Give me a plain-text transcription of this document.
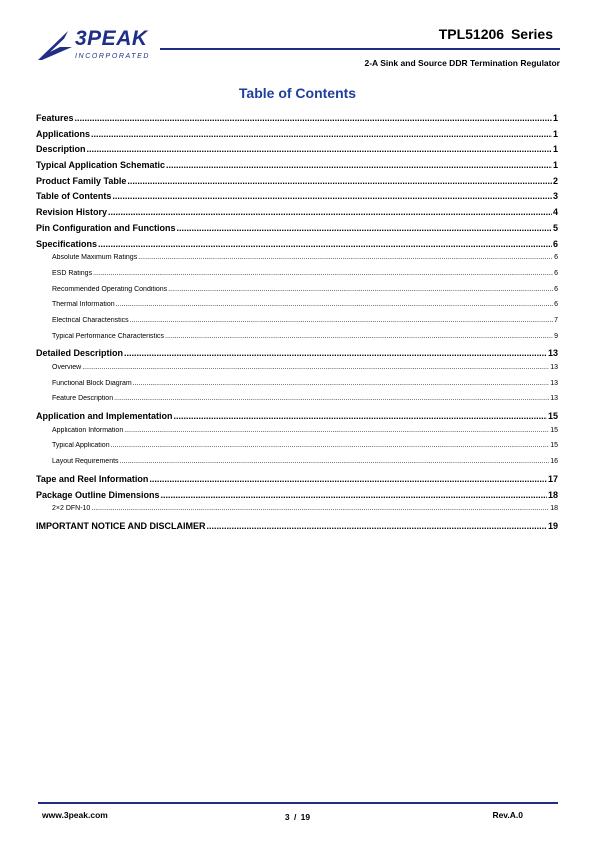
3PEAK
INCORPORATED
TPL51206 Series
2-A Sink and Source DDR Termination Regulator
Table of Contents
Features .....	1
Applications .....	1
Description .....	1
Typical Application Schematic .....	1
Product Family Table .....	2
Table of Contents .....	3
Revision History .....	4
Pin Configuration and Functions .....	5
Specifications .....	6
Absolute Maximum Ratings .....	6
ESD Ratings .....	6
Recommended Operating Conditions .....	6
Thermal Information .....	6
Electrical Characteristics .....	7
Typical Performance Characteristics .....	9
Detailed Description .....	13
Overview .....	13
Functional Block Diagram .....	13
Feature Description .....	13
Application and Implementation .....	15
Application Information .....	15
Typical Application .....	15
Layout Requirements .....	16
Tape and Reel Information .....	17
Package Outline Dimensions .....	18
2×2 DFN-10 .....	18
IMPORTANT NOTICE AND DISCLAIMER .....	19
www.3peak.com	3 / 19	Rev.A.0
